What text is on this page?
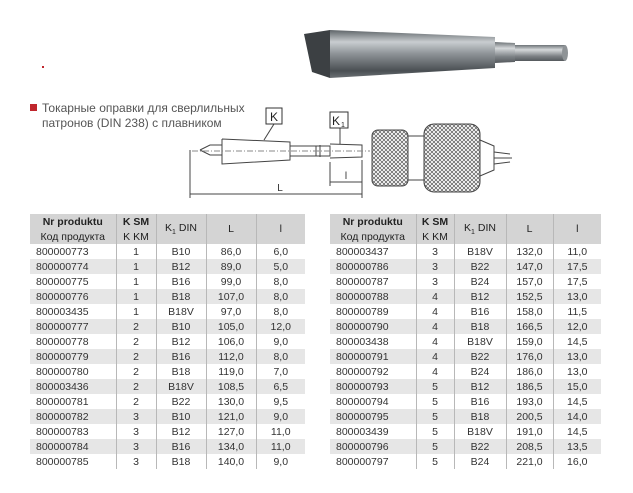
Токарные оправки для сверлильных
патронов (DIN 238) с плавником	K	K 1
L
l
Nr produktu	K SM	$K_1$ DIN	L	l
Код продукта	K KM			
800000773	1	B10	86,0	6,0
800000774	1	B12	89,0	5,0
800000775	1	B16	99,0	8,0
800000776	1	B18	107,0	8,0
800003435	1	B18V	97,0	8,0
800000777	2	B10	105,0	12,0
800000778	2	B12	106,0	9,0
800000779	2	B16	112,0	8,0
800000780	2	B18	119,0	7,0
800003436	2	B18V	108,5	6,5
800000781	2	B22	130,0	9,5
800000782	3	B10	121,0	9,0
800000783	3	B12	127,0	11,0
800000784	3	B16	134,0	11,0
800000785	3	B18	140,0	9,0
Nr produktu	K SM	$K_1$ DIN	L	l
Код продукта	K KM			
800003437	3	B18V	132,0	11,0
800000786	3	B22	147,0	17,5
800000787	3	B24	157,0	17,5
800000788	4	B12	152,5	13,0
800000789	4	B16	158,0	11,5
800000790	4	B18	166,5	12,0
800003438	4	B18V	159,0	14,5
800000791	4	B22	176,0	13,0
800000792	4	B24	186,0	13,0
800000793	5	B12	186,5	15,0
800000794	5	B16	193,0	14,5
800000795	5	B18	200,5	14,0
800003439	5	B18V	191,0	14,5
800000796	5	B22	208,5	13,5
800000797	5	B24	221,0	16,0
